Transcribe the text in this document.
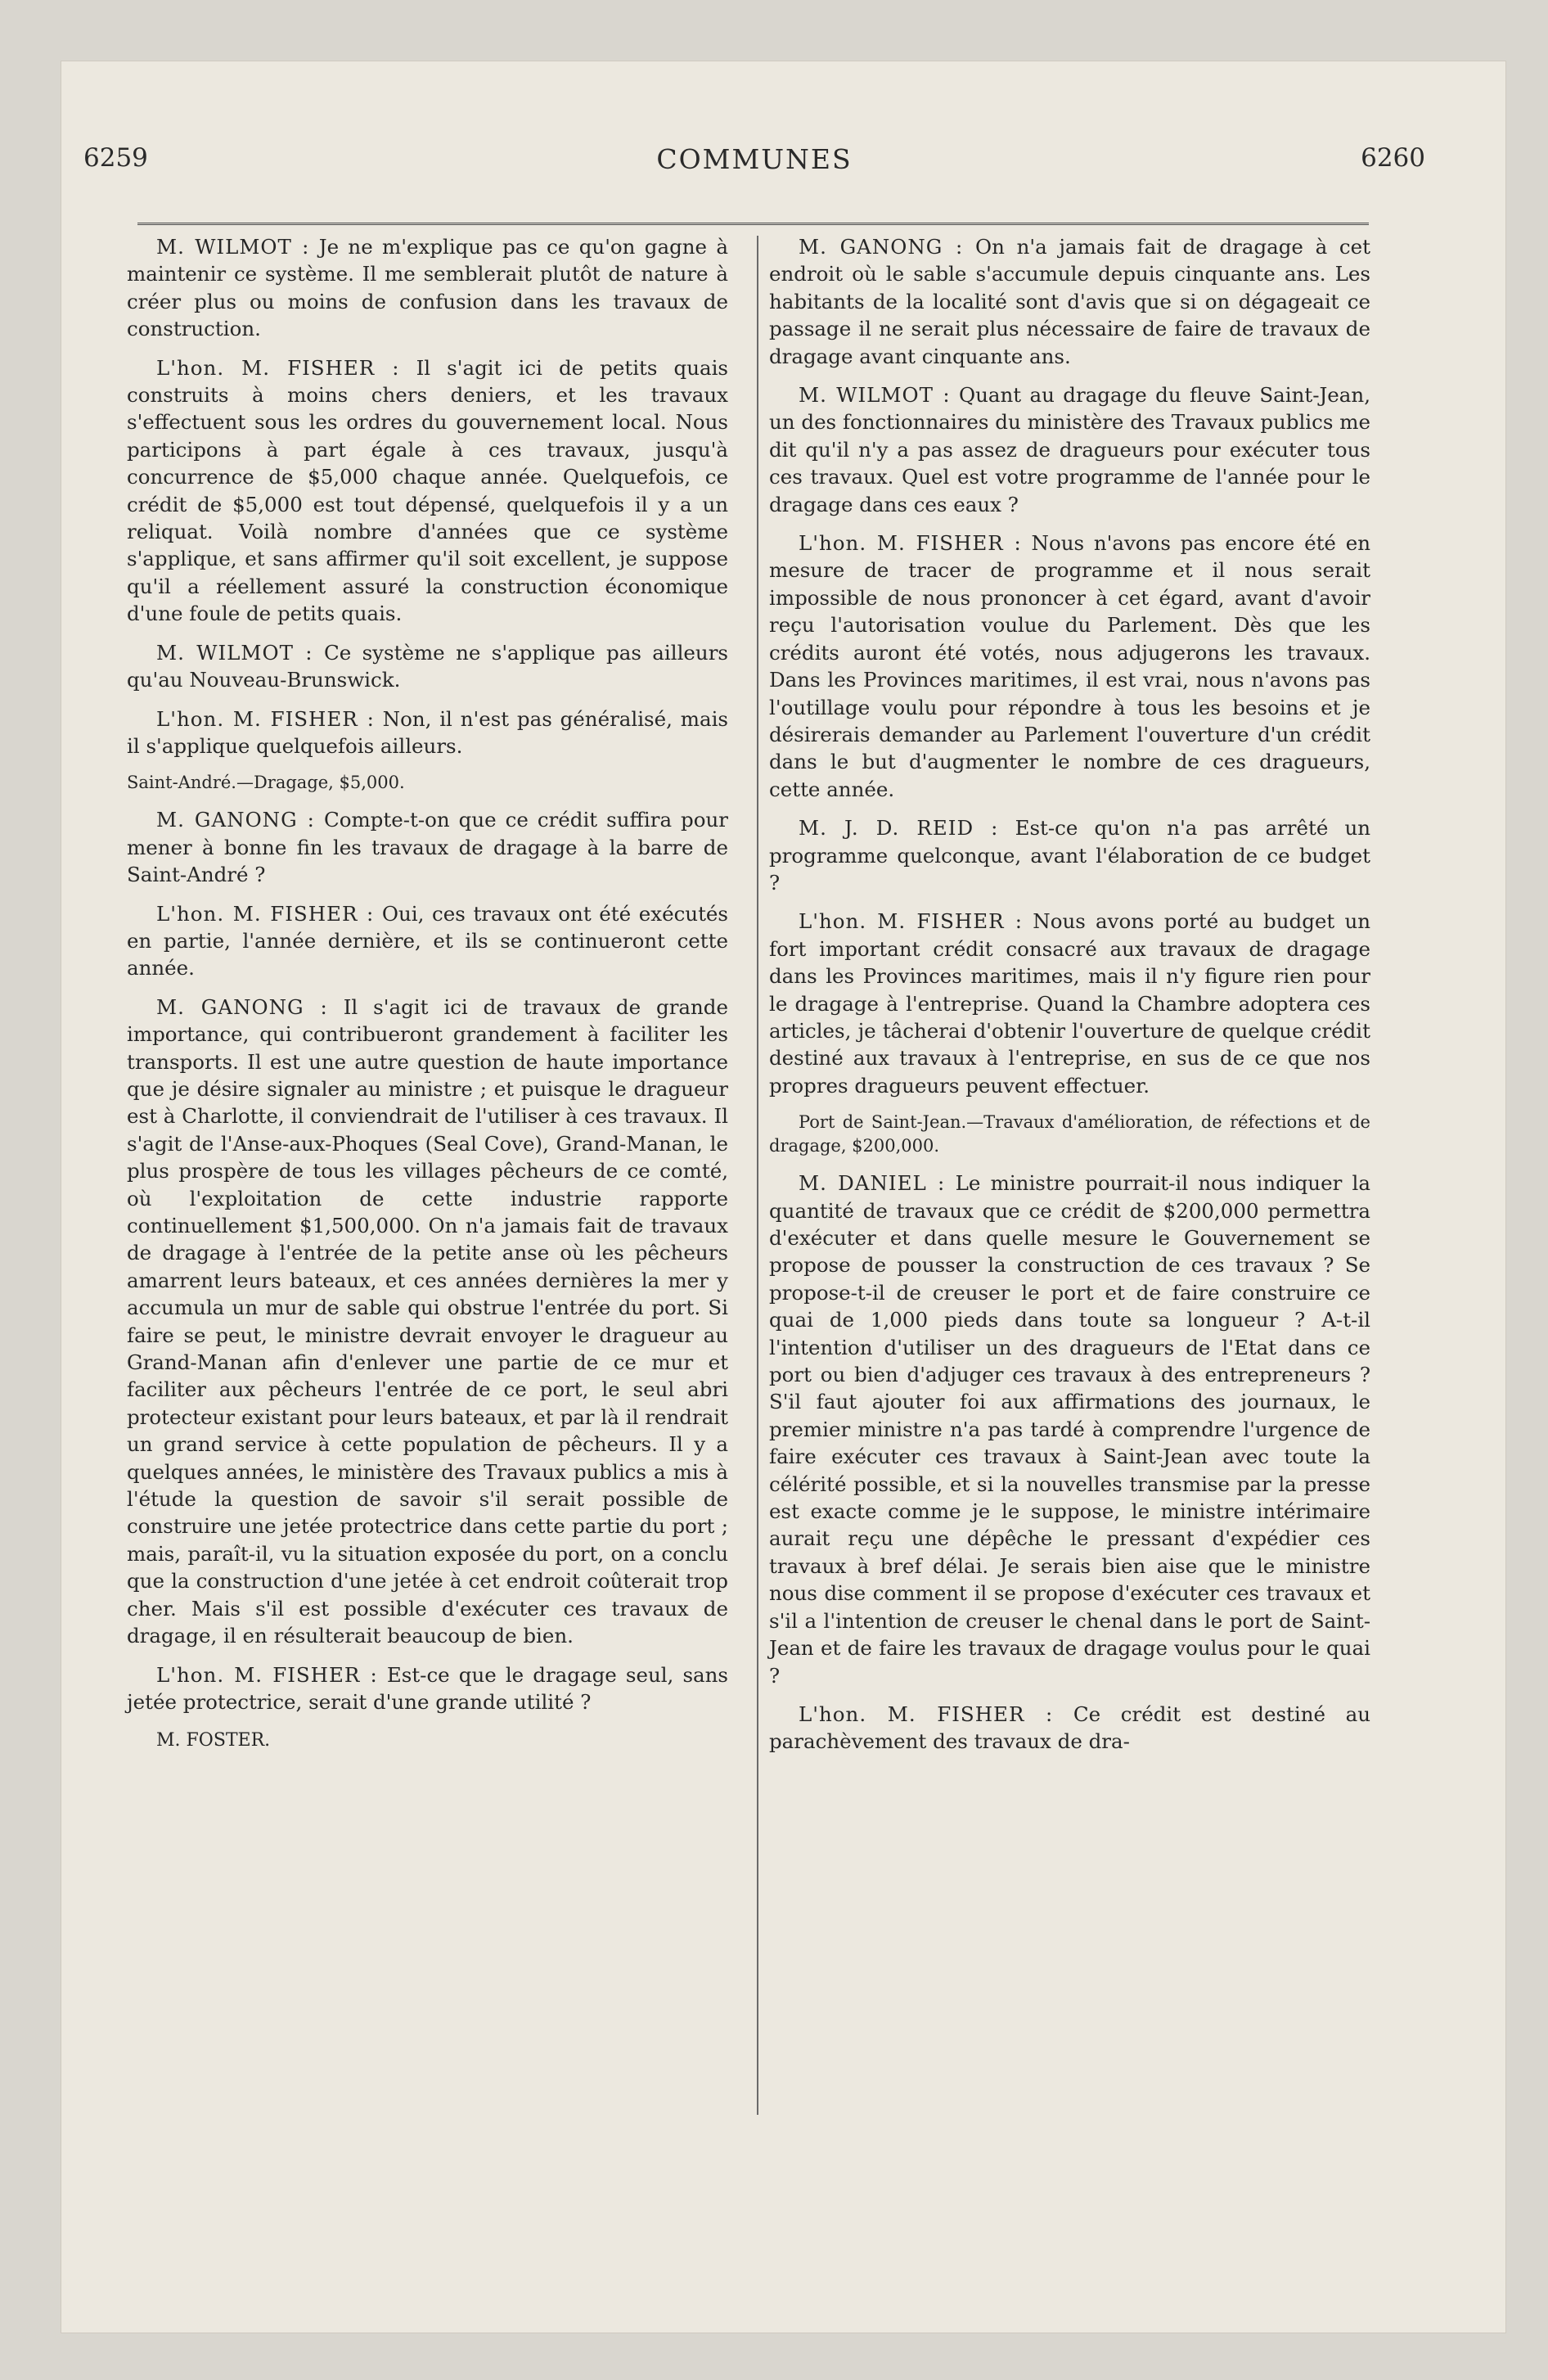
6259	COMMUNES	6260

M. WILMOT : Je ne m'explique pas ce qu'on gagne à maintenir ce système. Il me semblerait plutôt de nature à créer plus ou moins de confusion dans les travaux de construction.

L'hon. M. FISHER : Il s'agit ici de petits quais construits à moins chers deniers, et les travaux s'effectuent sous les ordres du gouvernement local. Nous participons à part égale à ces travaux, jusqu'à concurrence de $5,000 chaque année. Quelquefois, ce crédit de $5,000 est tout dépensé, quelquefois il y a un reliquat. Voilà nombre d'années que ce système s'applique, et sans affirmer qu'il soit excellent, je suppose qu'il a réellement assuré la construction économique d'une foule de petits quais.

M. WILMOT : Ce système ne s'applique pas ailleurs qu'au Nouveau-Brunswick.

L'hon. M. FISHER : Non, il n'est pas généralisé, mais il s'applique quelquefois ailleurs.

Saint-André.—Dragage, $5,000.

M. GANONG : Compte-t-on que ce crédit suffira pour mener à bonne fin les travaux de dragage à la barre de Saint-André ?

L'hon. M. FISHER : Oui, ces travaux ont été exécutés en partie, l'année dernière, et ils se continueront cette année.

M. GANONG : Il s'agit ici de travaux de grande importance, qui contribueront grandement à faciliter les transports. Il est une autre question de haute importance que je désire signaler au ministre ; et puisque le dragueur est à Charlotte, il conviendrait de l'utiliser à ces travaux. Il s'agit de l'Anse-aux-Phoques (Seal Cove), Grand-Manan, le plus prospère de tous les villages pêcheurs de ce comté, où l'exploitation de cette industrie rapporte continuellement $1,500,000. On n'a jamais fait de travaux de dragage à l'entrée de la petite anse où les pêcheurs amarrent leurs bateaux, et ces années dernières la mer y accumula un mur de sable qui obstrue l'entrée du port. Si faire se peut, le ministre devrait envoyer le dragueur au Grand-Manan afin d'enlever une partie de ce mur et faciliter aux pêcheurs l'entrée de ce port, le seul abri protecteur existant pour leurs bateaux, et par là il rendrait un grand service à cette population de pêcheurs. Il y a quelques années, le ministère des Travaux publics a mis à l'étude la question de savoir s'il serait possible de construire une jetée protectrice dans cette partie du port ; mais, paraît-il, vu la situation exposée du port, on a conclu que la construction d'une jetée à cet endroit coûterait trop cher. Mais s'il est possible d'exécuter ces travaux de dragage, il en résulterait beaucoup de bien.

L'hon. M. FISHER : Est-ce que le dragage seul, sans jetée protectrice, serait d'une grande utilité ?

M. FOSTER.

M. GANONG : On n'a jamais fait de dragage à cet endroit où le sable s'accumule depuis cinquante ans. Les habitants de la localité sont d'avis que si on dégageait ce passage il ne serait plus nécessaire de faire de travaux de dragage avant cinquante ans.

M. WILMOT : Quant au dragage du fleuve Saint-Jean, un des fonctionnaires du ministère des Travaux publics me dit qu'il n'y a pas assez de dragueurs pour exécuter tous ces travaux. Quel est votre programme de l'année pour le dragage dans ces eaux ?

L'hon. M. FISHER : Nous n'avons pas encore été en mesure de tracer de programme et il nous serait impossible de nous prononcer à cet égard, avant d'avoir reçu l'autorisation voulue du Parlement. Dès que les crédits auront été votés, nous adjugerons les travaux. Dans les Provinces maritimes, il est vrai, nous n'avons pas l'outillage voulu pour répondre à tous les besoins et je désirerais demander au Parlement l'ouverture d'un crédit dans le but d'augmenter le nombre de ces dragueurs, cette année.

M. J. D. REID : Est-ce qu'on n'a pas arrêté un programme quelconque, avant l'élaboration de ce budget ?

L'hon. M. FISHER : Nous avons porté au budget un fort important crédit consacré aux travaux de dragage dans les Provinces maritimes, mais il n'y figure rien pour le dragage à l'entreprise. Quand la Chambre adoptera ces articles, je tâcherai d'obtenir l'ouverture de quelque crédit destiné aux travaux à l'entreprise, en sus de ce que nos propres dragueurs peuvent effectuer.

Port de Saint-Jean.—Travaux d'amélioration, de réfections et de dragage, $200,000.

M. DANIEL : Le ministre pourrait-il nous indiquer la quantité de travaux que ce crédit de $200,000 permettra d'exécuter et dans quelle mesure le Gouvernement se propose de pousser la construction de ces travaux ? Se propose-t-il de creuser le port et de faire construire ce quai de 1,000 pieds dans toute sa longueur ? A-t-il l'intention d'utiliser un des dragueurs de l'Etat dans ce port ou bien d'adjuger ces travaux à des entrepreneurs ? S'il faut ajouter foi aux affirmations des journaux, le premier ministre n'a pas tardé à comprendre l'urgence de faire exécuter ces travaux à Saint-Jean avec toute la célérité possible, et si la nouvelles transmise par la presse est exacte comme je le suppose, le ministre intérimaire aurait reçu une dépêche le pressant d'expédier ces travaux à bref délai. Je serais bien aise que le ministre nous dise comment il se propose d'exécuter ces travaux et s'il a l'intention de creuser le chenal dans le port de Saint-Jean et de faire les travaux de dragage voulus pour le quai ?

L'hon. M. FISHER : Ce crédit est destiné au parachèvement des travaux de dra-
